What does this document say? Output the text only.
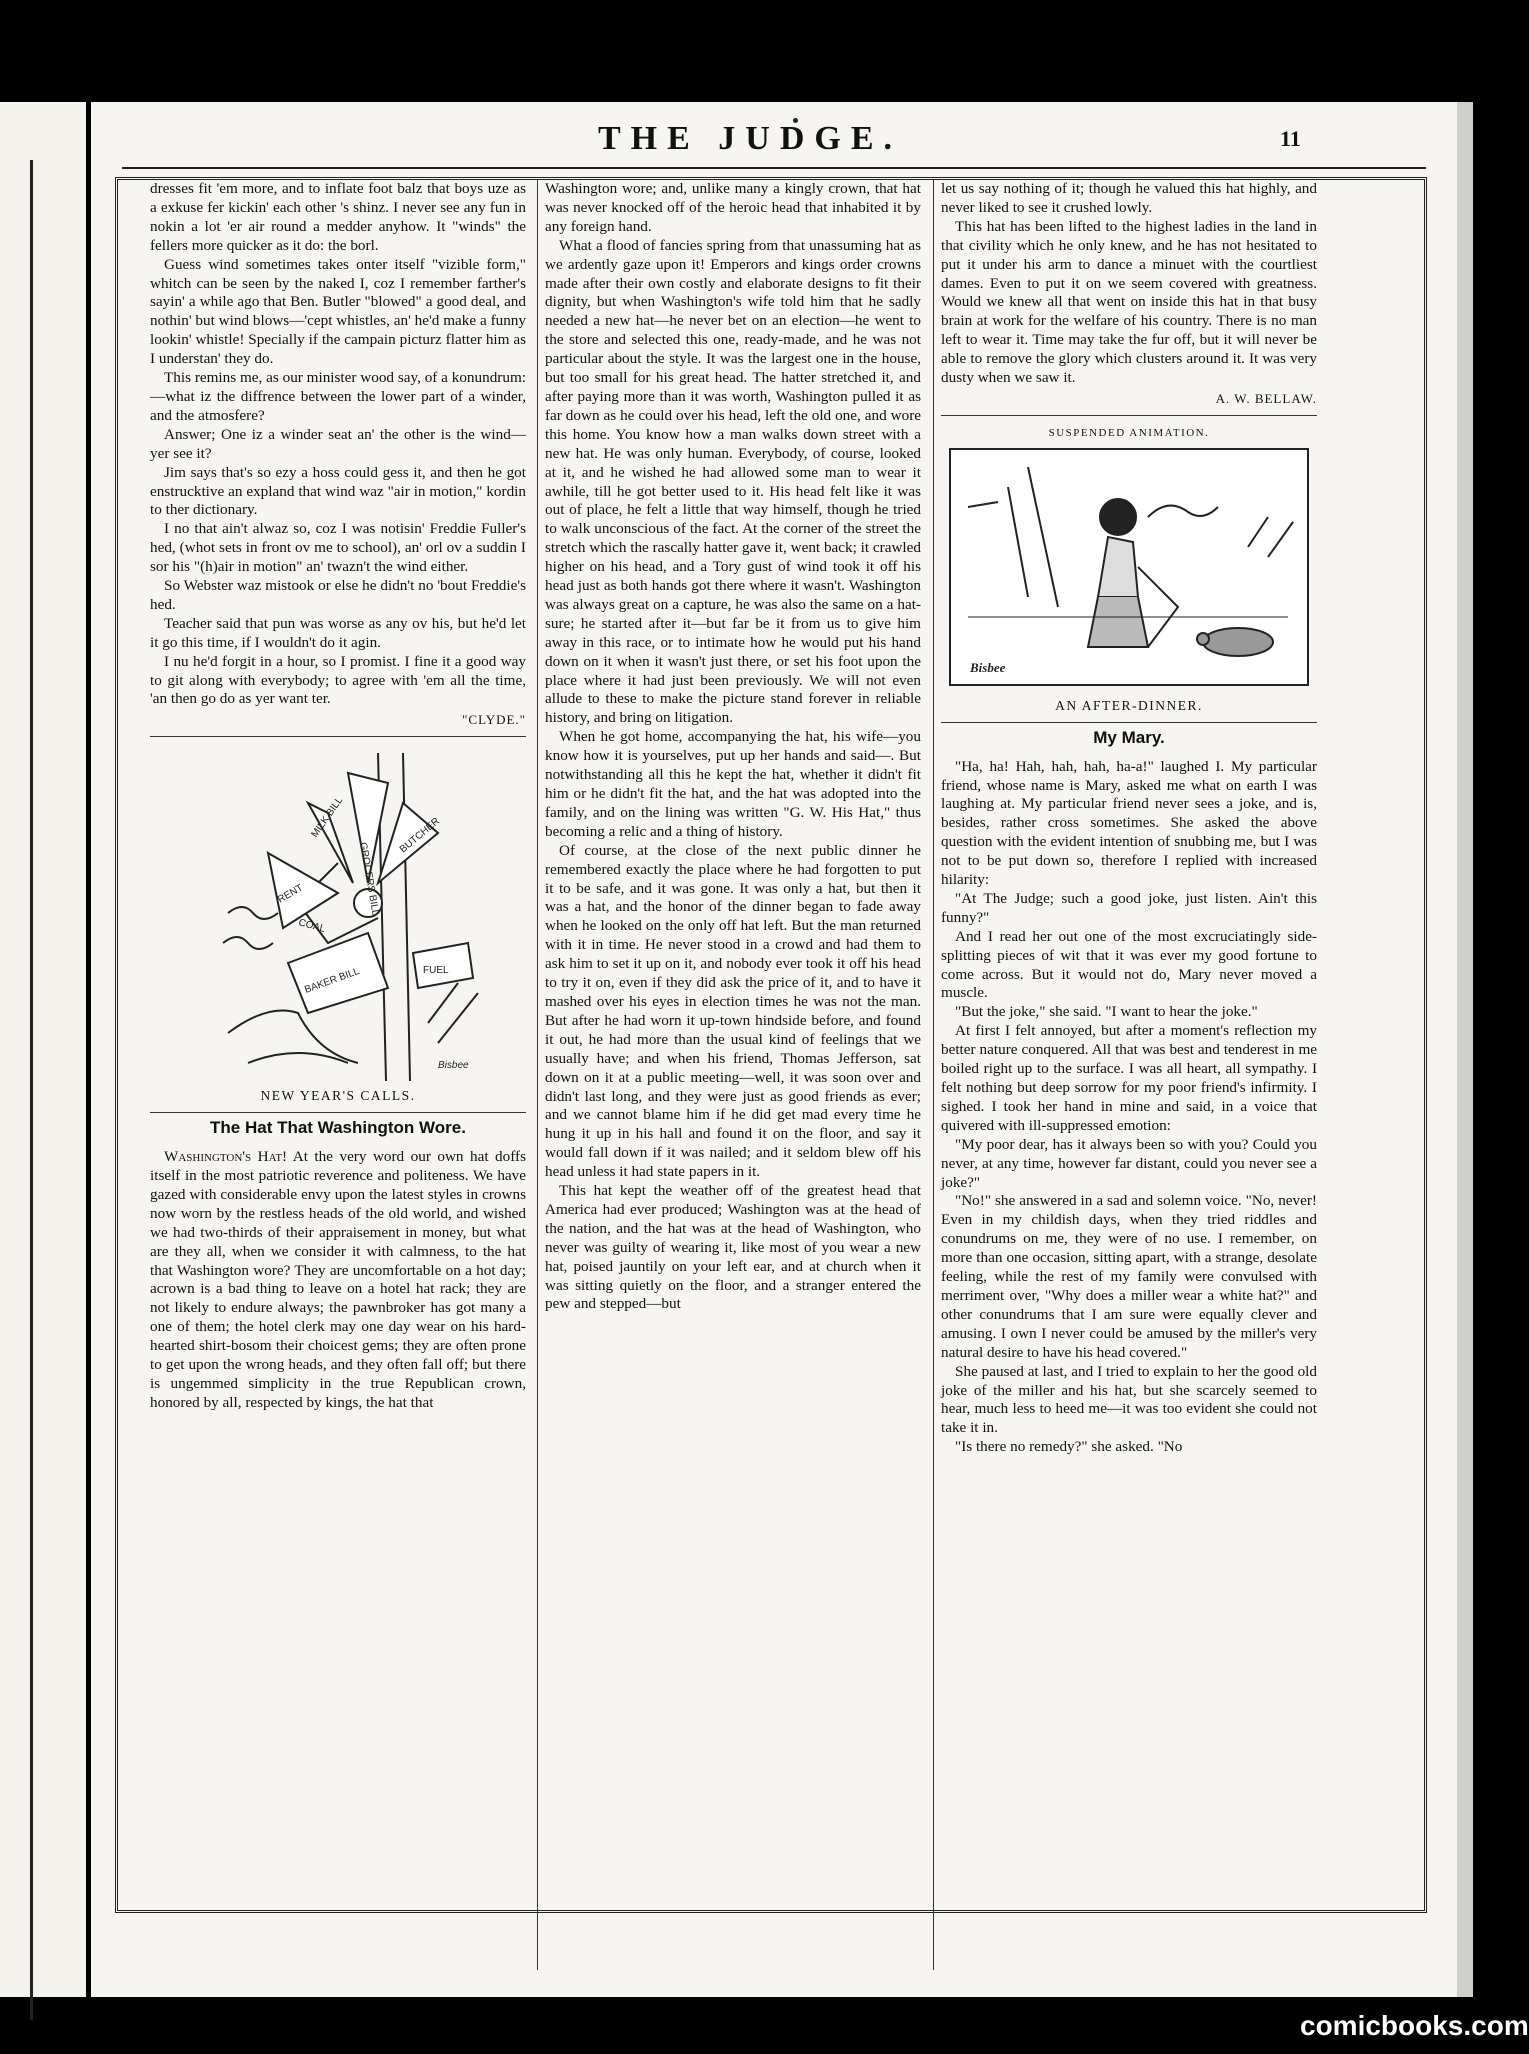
THE JUDGE.	11

dresses fit 'em more, and to inflate foot balz that boys uze as a exkuse fer kickin' each other 's shinz. I never see any fun in nokin a lot 'er air round a medder anyhow. It "winds" the fellers more quicker as it do: the borl.

Guess wind sometimes takes onter itself "vizible form," whitch can be seen by the naked I, coz I remember farther's sayin' a while ago that Ben. Butler "blowed" a good deal, and nothin' but wind blows—'cept whistles, an' he'd make a funny lookin' whistle! Specially if the campain picturz flatter him as I understan' they do.

This remins me, as our minister wood say, of a konundrum:—what iz the diffrence between the lower part of a winder, and the atmosfere?

Answer; One iz a winder seat an' the other is the wind—yer see it?

Jim says that's so ezy a hoss could gess it, and then he got enstrucktive an expland that wind waz "air in motion," kordin to ther dictionary.

I no that ain't alwaz so, coz I was notisin' Freddie Fuller's hed, (whot sets in front ov me to school), an' orl ov a suddin I sor his "(h)air in motion" an' twazn't the wind either.

So Webster waz mistook or else he didn't no 'bout Freddie's hed.

Teacher said that pun was worse as any ov his, but he'd let it go this time, if I wouldn't do it agin.

I nu he'd forgit in a hour, so I promist. I fine it a good way to git along with everybody; to agree with 'em all the time, 'an then go do as yer want ter.

"CLYDE."
MILK BILL
RENT	GROCERS BILL
BAKER BILL
BUTCHER
COAL
FUEL
Bisbee
NEW YEAR'S CALLS.
The Hat That Washington Wore.

Washington's Hat! At the very word our own hat doffs itself in the most patriotic reverence and politeness. We have gazed with considerable envy upon the latest styles in crowns now worn by the restless heads of the old world, and wished we had two-thirds of their appraisement in money, but what are they all, when we consider it with calmness, to the hat that Washington wore? They are uncomfortable on a hot day; acrown is a bad thing to leave on a hotel hat rack; they are not likely to endure always; the pawnbroker has got many a one of them; the hotel clerk may one day wear on his hard-hearted shirt-bosom their choicest gems; they are often prone to get upon the wrong heads, and they often fall off; but there is ungemmed simplicity in the true Republican crown, honored by all, respected by kings, the hat that

Washington wore; and, unlike many a kingly crown, that hat was never knocked off of the heroic head that inhabited it by any foreign hand.

What a flood of fancies spring from that unassuming hat as we ardently gaze upon it! Emperors and kings order crowns made after their own costly and elaborate designs to fit their dignity, but when Washington's wife told him that he sadly needed a new hat—he never bet on an election—he went to the store and selected this one, ready-made, and he was not particular about the style. It was the largest one in the house, but too small for his great head. The hatter stretched it, and after paying more than it was worth, Washington pulled it as far down as he could over his head, left the old one, and wore this home. You know how a man walks down street with a new hat. He was only human. Everybody, of course, looked at it, and he wished he had allowed some man to wear it awhile, till he got better used to it. His head felt like it was out of place, he felt a little that way himself, though he tried to walk unconscious of the fact. At the corner of the street the stretch which the rascally hatter gave it, went back; it crawled higher on his head, and a Tory gust of wind took it off his head just as both hands got there where it wasn't. Washington was always great on a capture, he was also the same on a hat-sure; he started after it—but far be it from us to give him away in this race, or to intimate how he would put his hand down on it when it wasn't just there, or set his foot upon the place where it had just been previously. We will not even allude to these to make the picture stand forever in reliable history, and bring on litigation.

When he got home, accompanying the hat, his wife—you know how it is yourselves, put up her hands and said—. But notwithstanding all this he kept the hat, whether it didn't fit him or he didn't fit the hat, and the hat was adopted into the family, and on the lining was written "G. W. His Hat," thus becoming a relic and a thing of history.

Of course, at the close of the next public dinner he remembered exactly the place where he had forgotten to put it to be safe, and it was gone. It was only a hat, but then it was a hat, and the honor of the dinner began to fade away when he looked on the only off hat left. But the man returned with it in time. He never stood in a crowd and had them to ask him to set it up on it, and nobody ever took it off his head to try it on, even if they did ask the price of it, and to have it mashed over his eyes in election times he was not the man. But after he had worn it up-town hindside before, and found it out, he had more than the usual kind of feelings that we usually have; and when his friend, Thomas Jefferson, sat down on it at a public meeting—well, it was soon over and didn't last long, and they were just as good friends as ever; and we cannot blame him if he did get mad every time he hung it up in his hall and found it on the floor, and say it would fall down if it was nailed; and it seldom blew off his head unless it had state papers in it.

This hat kept the weather off of the greatest head that America had ever produced; Washington was at the head of the nation, and the hat was at the head of Washington, who never was guilty of wearing it, like most of you wear a new hat, poised jauntily on your left ear, and at church when it was sitting quietly on the floor, and a stranger entered the pew and stepped—but

let us say nothing of it; though he valued this hat highly, and never liked to see it crushed lowly.

This hat has been lifted to the highest ladies in the land in that civility which he only knew, and he has not hesitated to put it under his arm to dance a minuet with the courtliest dames. Even to put it on we seem covered with greatness. Would we knew all that went on inside this hat in that busy brain at work for the welfare of his country. There is no man left to wear it. Time may take the fur off, but it will never be able to remove the glory which clusters around it. It was very dusty when we saw it.

A. W. BELLAW.
SUSPENDED ANIMATION.
Bisbee
AN AFTER-DINNER.
My Mary.

"Ha, ha! Hah, hah, hah, ha-a!" laughed I. My particular friend, whose name is Mary, asked me what on earth I was laughing at. My particular friend never sees a joke, and is, besides, rather cross sometimes. She asked the above question with the evident intention of snubbing me, but I was not to be put down so, therefore I replied with increased hilarity:

"At The Judge; such a good joke, just listen. Ain't this funny?"

And I read her out one of the most excruciatingly side-splitting pieces of wit that it was ever my good fortune to come across. But it would not do, Mary never moved a muscle.

"But the joke," she said. "I want to hear the joke."

At first I felt annoyed, but after a moment's reflection my better nature conquered. All that was best and tenderest in me boiled right up to the surface. I was all heart, all sympathy. I felt nothing but deep sorrow for my poor friend's infirmity. I sighed. I took her hand in mine and said, in a voice that quivered with ill-suppressed emotion:

"My poor dear, has it always been so with you? Could you never, at any time, however far distant, could you never see a joke?"

"No!" she answered in a sad and solemn voice. "No, never! Even in my childish days, when they tried riddles and conundrums on me, they were of no use. I remember, on more than one occasion, sitting apart, with a strange, desolate feeling, while the rest of my family were convulsed with merriment over, "Why does a miller wear a white hat?" and other conundrums that I am sure were equally clever and amusing. I own I never could be amused by the miller's very natural desire to have his head covered."

She paused at last, and I tried to explain to her the good old joke of the miller and his hat, but she scarcely seemed to hear, much less to heed me—it was too evident she could not take it in.

"Is there no remedy?" she asked. "No

comicbooks.com
